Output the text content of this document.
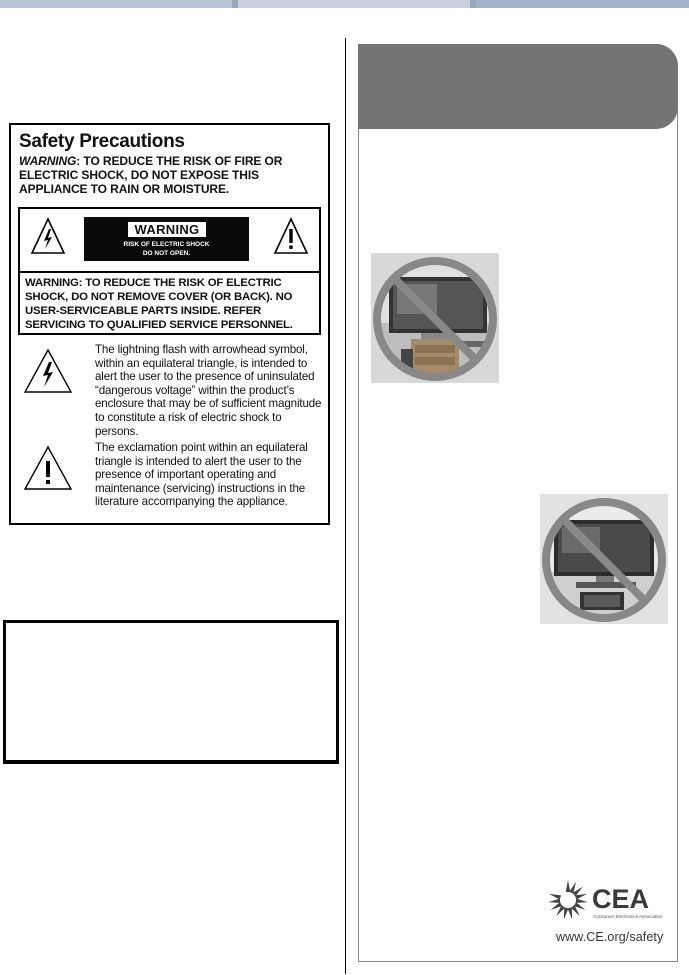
Safety Precautions
WARNING: TO REDUCE THE RISK OF FIRE OR ELECTRIC SHOCK, DO NOT EXPOSE THIS APPLIANCE TO RAIN OR MOISTURE.
WARNING
RISK OF ELECTRIC SHOCK
DO NOT OPEN.
WARNING: TO REDUCE THE RISK OF ELECTRIC SHOCK, DO NOT REMOVE COVER (OR BACK). NO USER-SERVICEABLE PARTS INSIDE. REFER SERVICING TO QUALIFIED SERVICE PERSONNEL.
The lightning flash with arrowhead symbol, within an equilateral triangle, is intended to alert the user to the presence of uninsulated “dangerous voltage” within the product’s enclosure that may be of sufficient magnitude to constitute a risk of electric shock to persons.
The exclamation point within an equilateral triangle is intended to alert the user to the presence of important operating and maintenance (servicing) instructions in the literature accompanying the appliance.
CEA
Consumer Electronics Association
www.CE.org/safety
